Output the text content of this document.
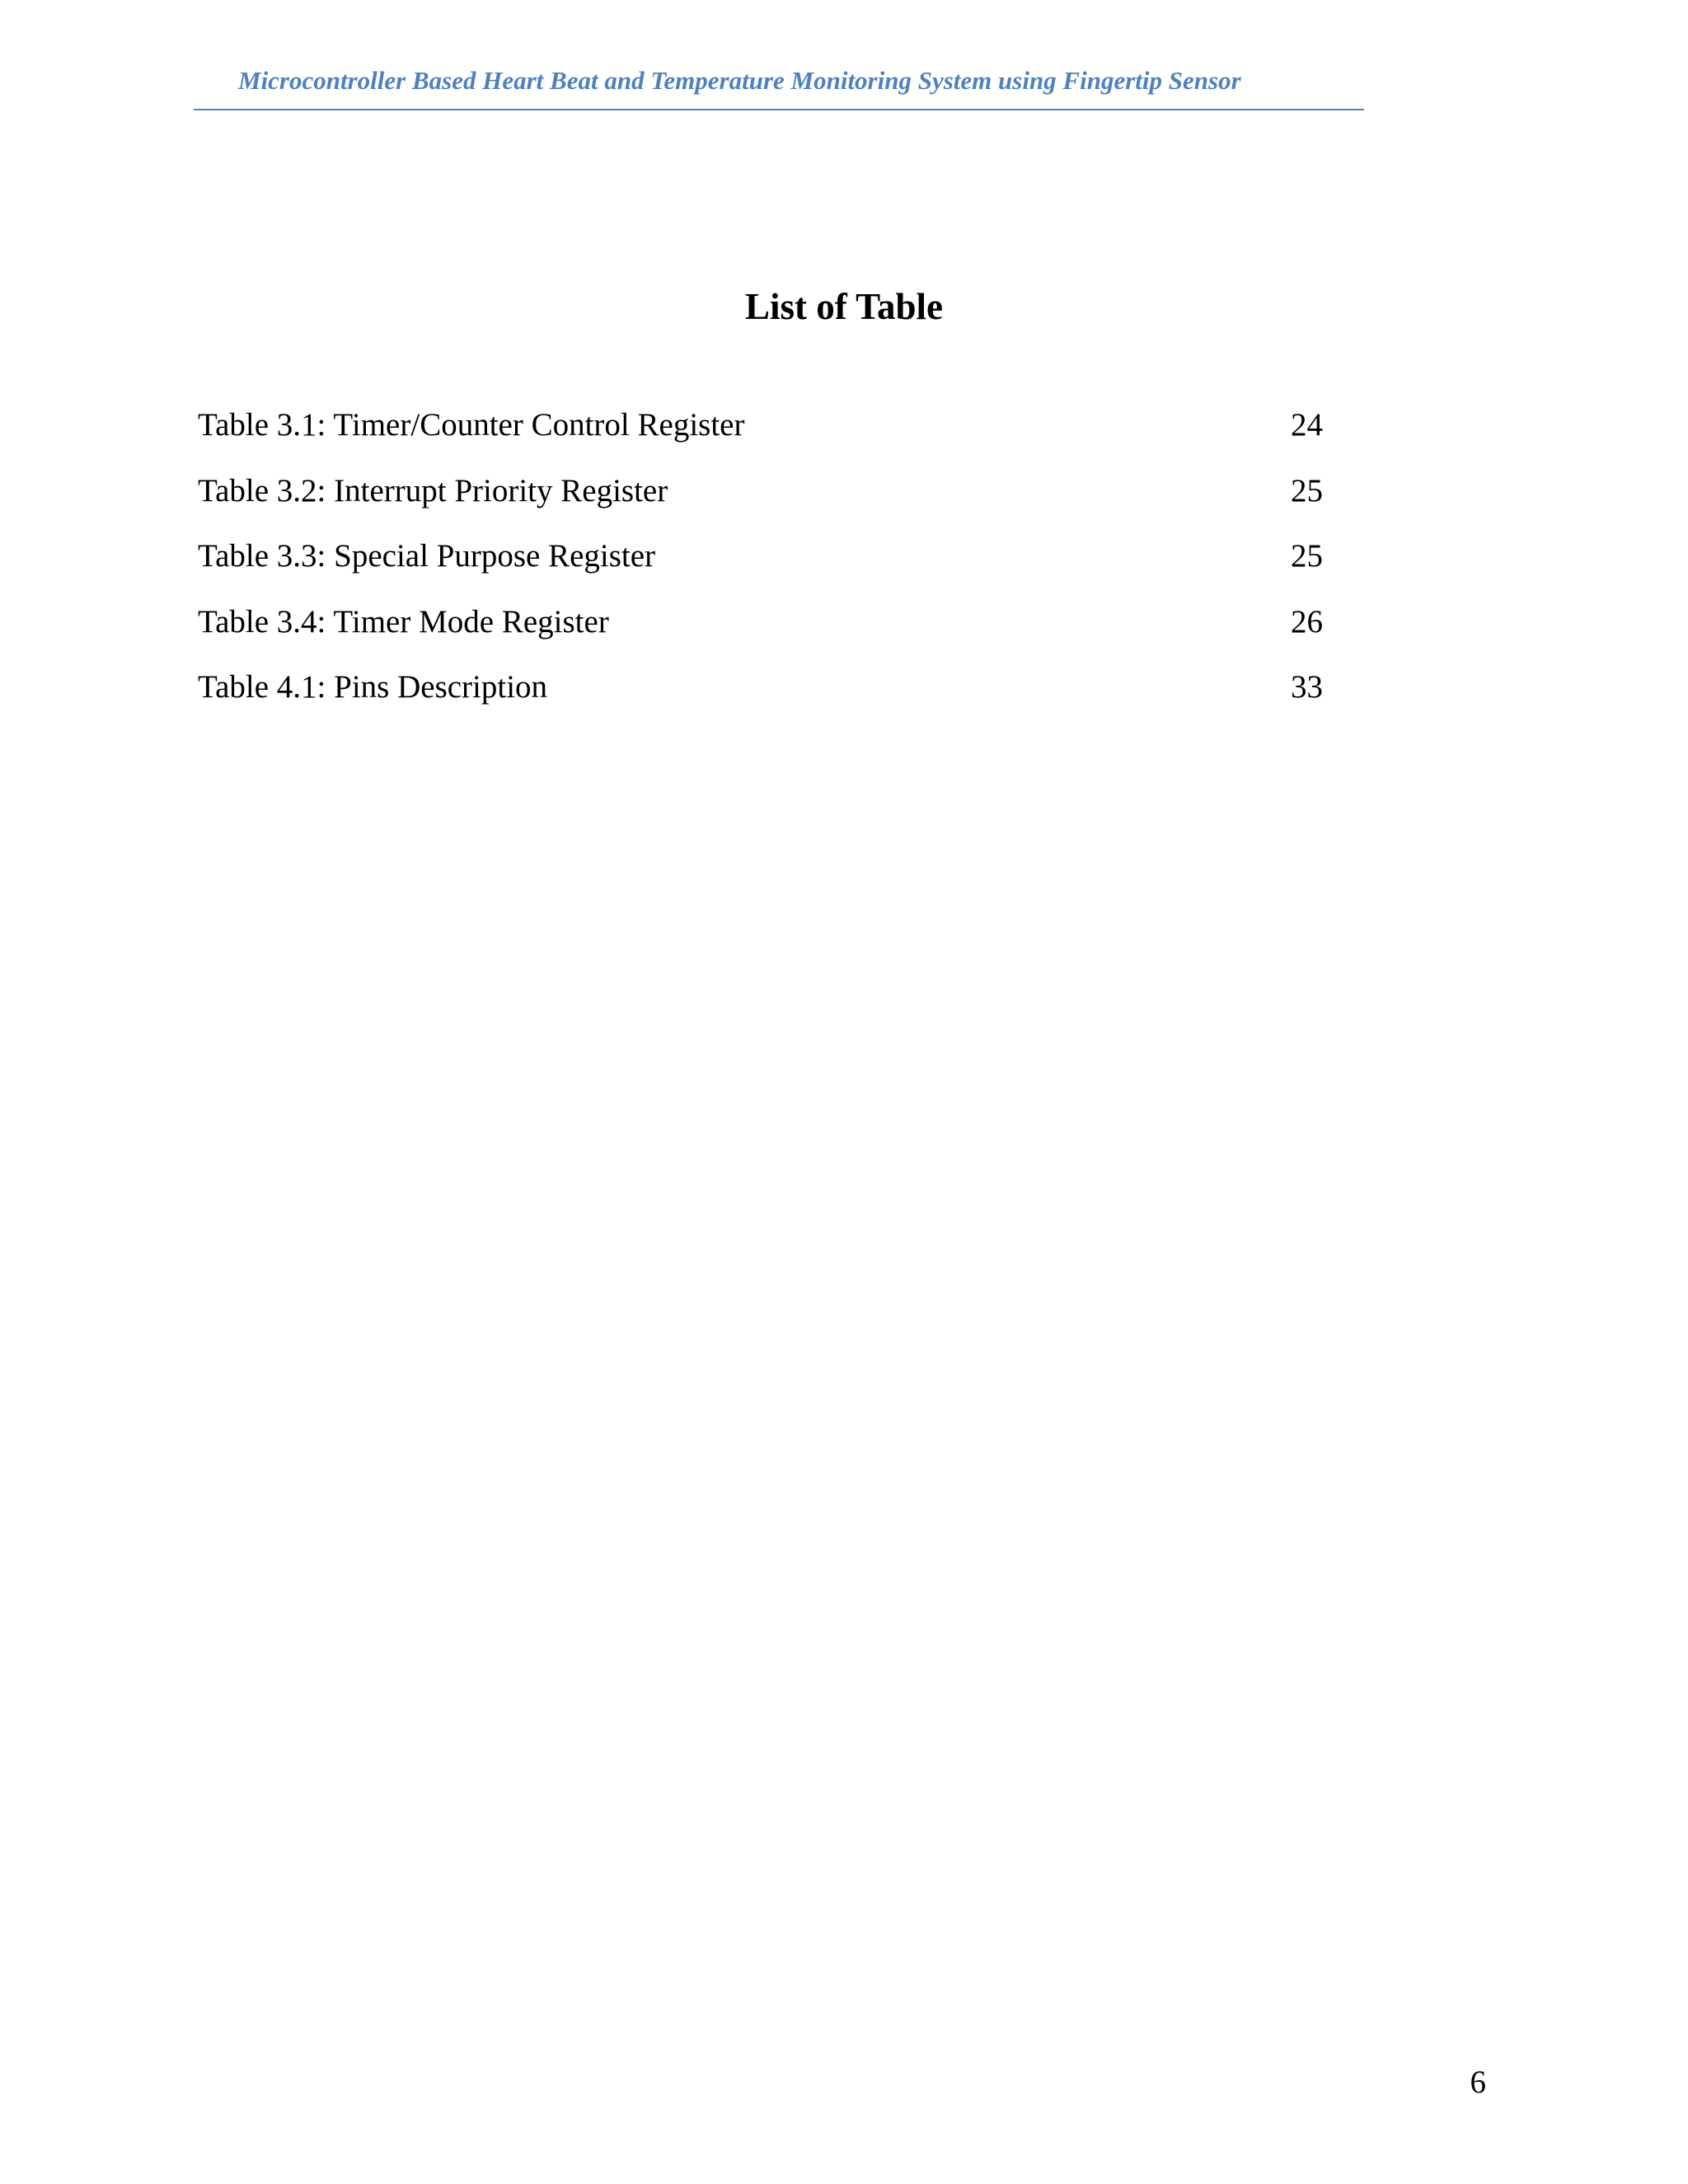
Microcontroller Based Heart Beat and Temperature Monitoring System using Fingertip Sensor
List of Table
Table 3.1: Timer/Counter Control Register	24
Table 3.2: Interrupt Priority Register	25
Table 3.3: Special Purpose Register	25
Table 3.4: Timer Mode Register	26
Table 4.1: Pins Description	33
6
